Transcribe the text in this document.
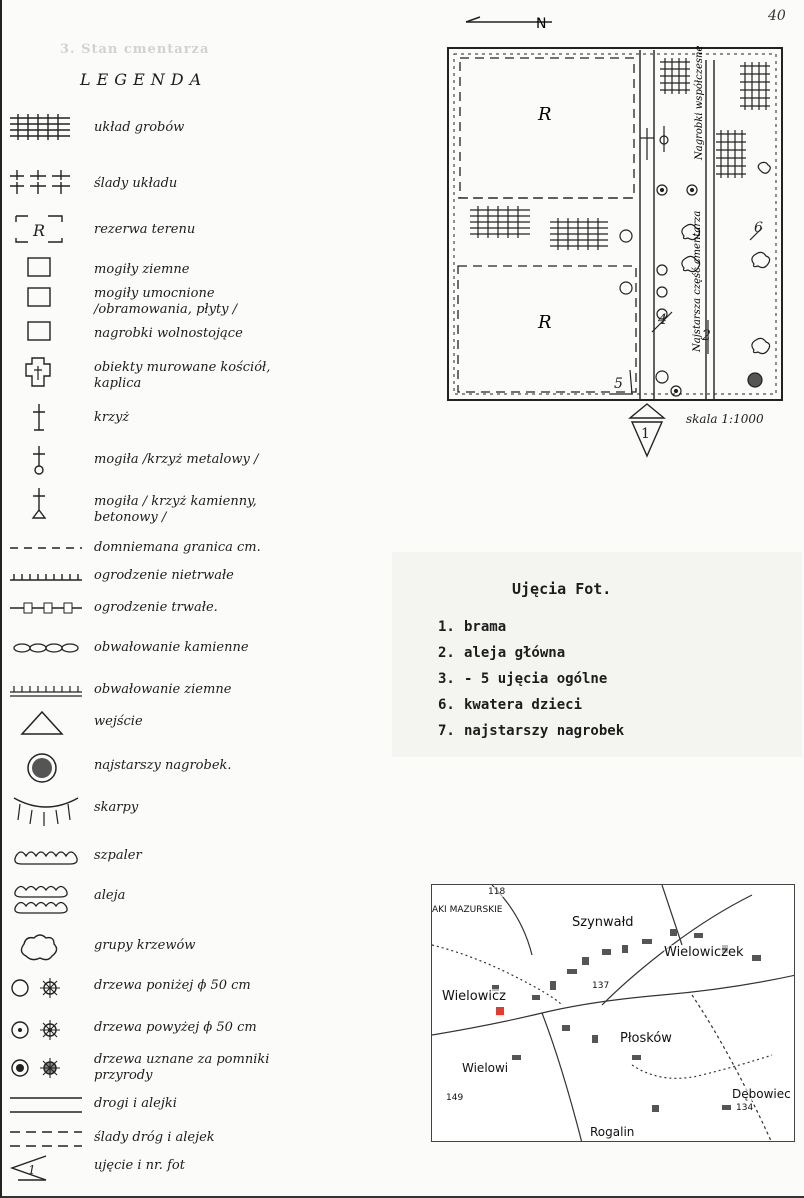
40
3. Stan cmentarza
LEGENDA
układ grobów
ślady układu
R	rezerwa terenu
mogiły ziemne
mogiły umocnione /obramowania, płyty /
nagrobki wolnostojące
obiekty murowane kościół, kaplica
krzyż
mogiła /krzyż metalowy /
mogiła / krzyż kamienny, betonowy /
domniemana granica cm.
ogrodzenie nietrwałe
ogrodzenie trwałe.
obwałowanie kamienne
obwałowanie ziemne
wejście
najstarszy nagrobek.
skarpy
szpaler
aleja
grupy krzewów
drzewa poniżej ϕ 50 cm
drzewa powyżej ϕ 50 cm
drzewa uznane za pomniki przyrody
drogi i alejki
ślady dróg i alejek
1	ujęcie i nr. fot
N
R
R
Nagrobki współczesne
Najstarsza część cmentarza
5
4
2
6
1
skala 1:1000
Ujęcia Fot.
1. brama
2. aleja główna
3. - 5 ujęcia ogólne
6. kwatera dzieci
7. najstarszy nagrobek
Szynwałd
Wielowiczek
Wielowicz
Płosków
Dębowiec
Rogalin
AKI MAZURSKIE
Wielowi
137
118
149
134
